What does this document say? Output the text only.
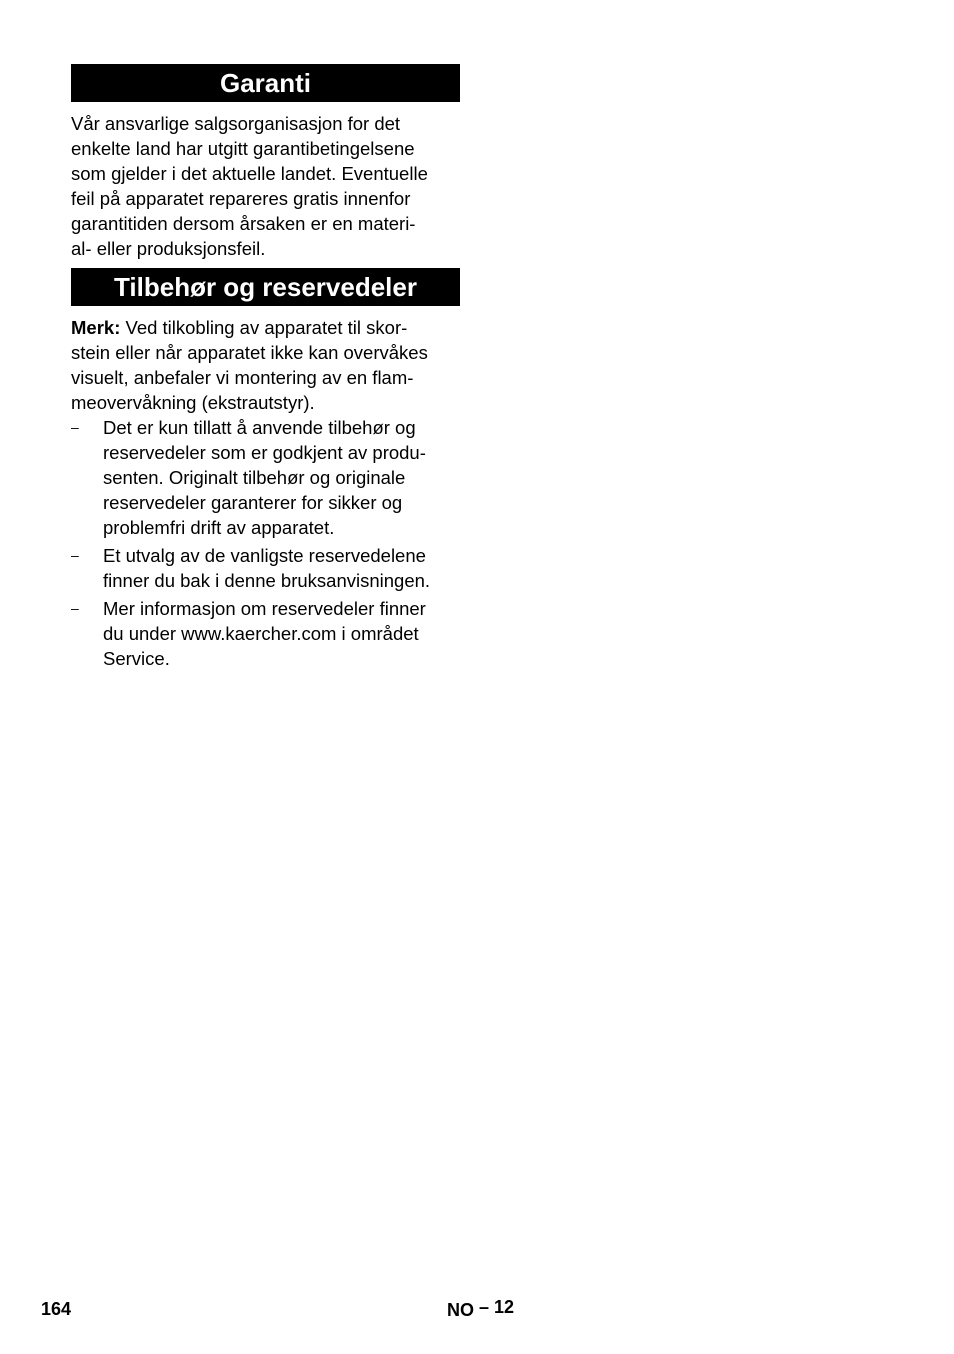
Garanti

Vår ansvarlige salgsorganisasjon for det
enkelte land har utgitt garantibetingelsene
som gjelder i det aktuelle landet. Eventuelle
feil på apparatet repareres gratis innenfor
garantitiden dersom årsaken er en materi-
al- eller produksjonsfeil.

Tilbehør og reservedeler

Merk: Ved tilkobling av apparatet til skor-
stein eller når apparatet ikke kan overvåkes
visuelt, anbefaler vi montering av en flam-
meovervåkning (ekstrautstyr).

– Det er kun tillatt å anvende tilbehør og
reservedeler som er godkjent av produ-
senten. Originalt tilbehør og originale
reservedeler garanterer for sikker og
problemfri drift av apparatet.
– Et utvalg av de vanligste reservedelene
finner du bak i denne bruksanvisningen.
– Mer informasjon om reservedeler finner
du under www.kaercher.com i området
Service.
164	NO – 12
